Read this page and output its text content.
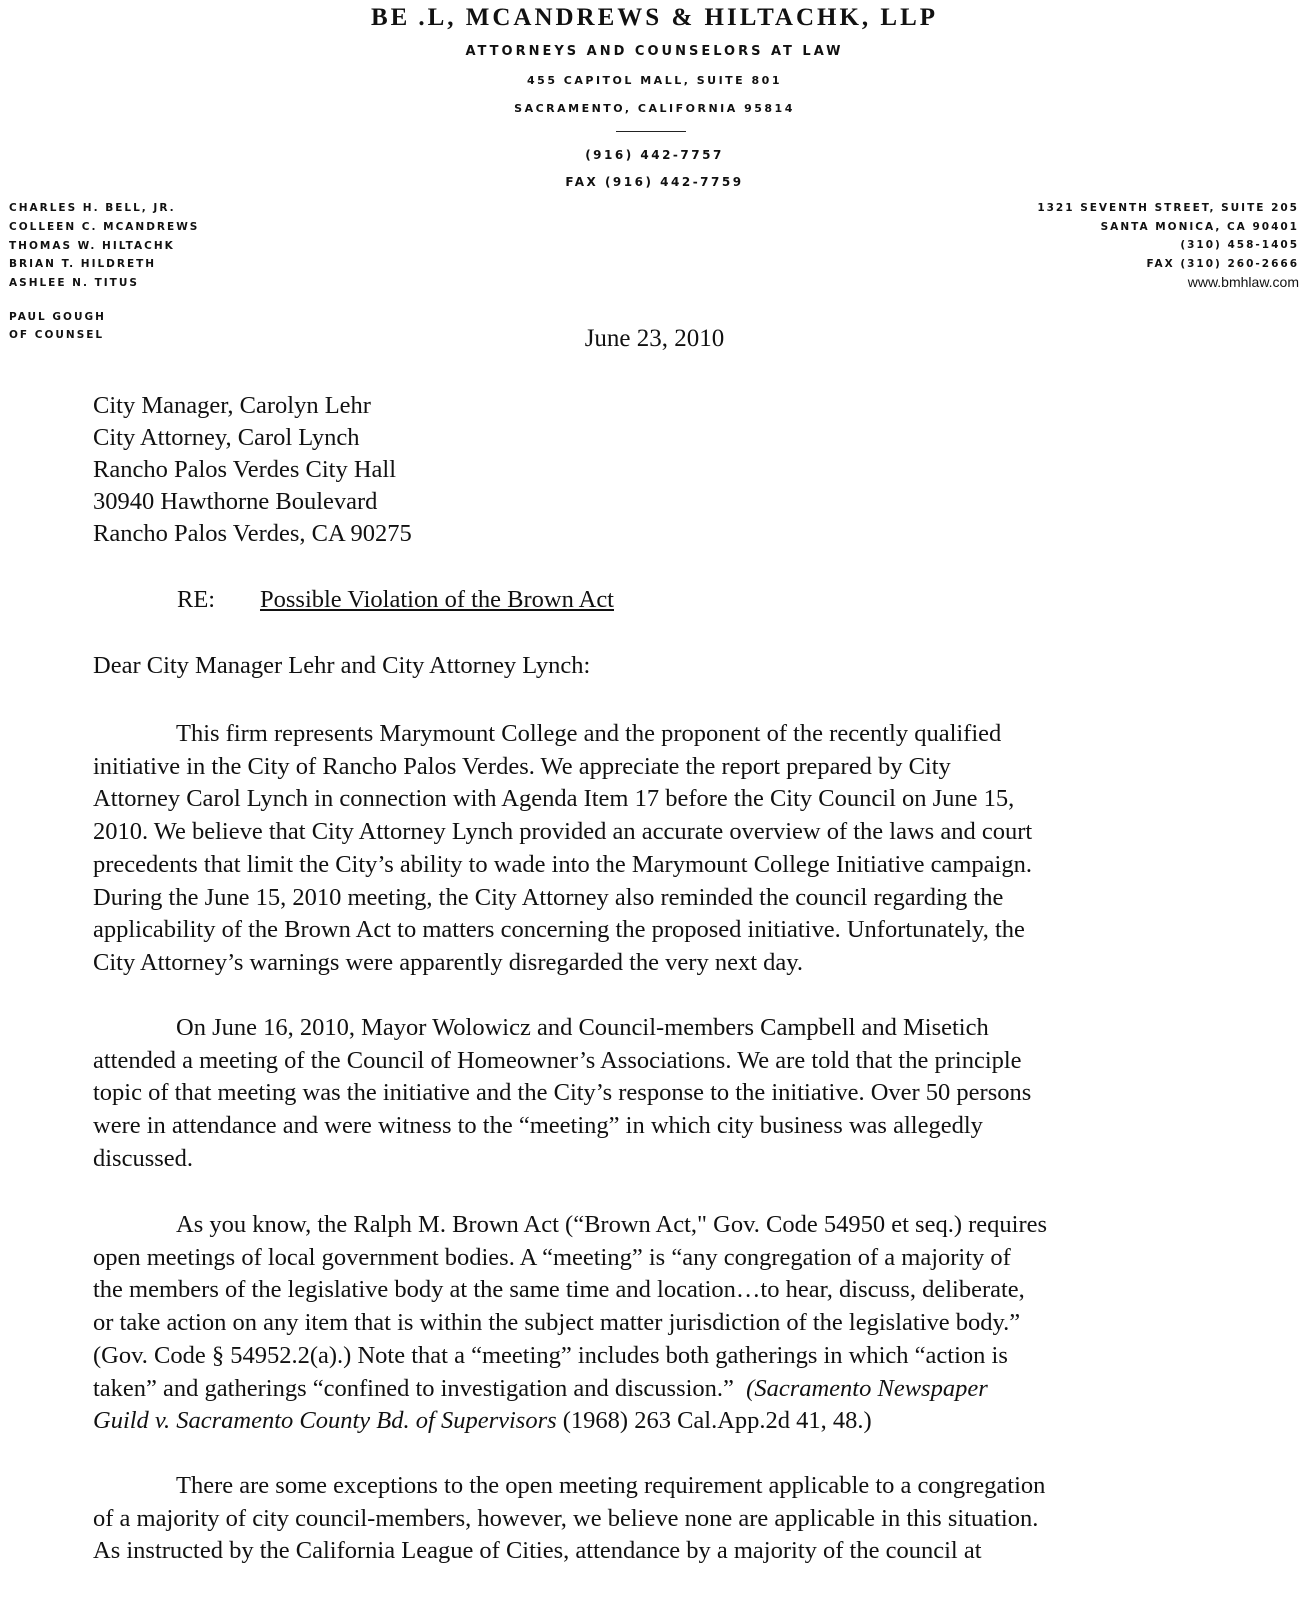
BE .L, MCANDREWS & HILTACHK, LLP
ATTORNEYS AND COUNSELORS AT LAW
455 CAPITOL MALL, SUITE 801
SACRAMENTO, CALIFORNIA 95814
(916) 442-7757
FAX (916) 442-7759
CHARLES H. BELL, JR.
COLLEEN C. MCANDREWS
THOMAS W. HILTACHK
BRIAN T. HILDRETH
ASHLEE N. TITUS
PAUL GOUGH
OF COUNSEL
1321 SEVENTH STREET, SUITE 205
SANTA MONICA, CA 90401
(310) 458-1405
FAX (310) 260-2666
www.bmhlaw.com
June 23, 2010
City Manager, Carolyn Lehr
City Attorney, Carol Lynch
Rancho Palos Verdes City Hall
30940 Hawthorne Boulevard
Rancho Palos Verdes, CA 90275
RE: Possible Violation of the Brown Act
Dear City Manager Lehr and City Attorney Lynch:
This firm represents Marymount College and the proponent of the recently qualified
initiative in the City of Rancho Palos Verdes. We appreciate the report prepared by City
Attorney Carol Lynch in connection with Agenda Item 17 before the City Council on June 15,
2010. We believe that City Attorney Lynch provided an accurate overview of the laws and court
precedents that limit the City’s ability to wade into the Marymount College Initiative campaign.
During the June 15, 2010 meeting, the City Attorney also reminded the council regarding the
applicability of the Brown Act to matters concerning the proposed initiative. Unfortunately, the
City Attorney’s warnings were apparently disregarded the very next day.
On June 16, 2010, Mayor Wolowicz and Council-members Campbell and Misetich
attended a meeting of the Council of Homeowner’s Associations. We are told that the principle
topic of that meeting was the initiative and the City’s response to the initiative. Over 50 persons
were in attendance and were witness to the “meeting” in which city business was allegedly
discussed.
As you know, the Ralph M. Brown Act (“Brown Act," Gov. Code 54950 et seq.) requires
open meetings of local government bodies. A “meeting” is “any congregation of a majority of
the members of the legislative body at the same time and location…to hear, discuss, deliberate,
or take action on any item that is within the subject matter jurisdiction of the legislative body.”
(Gov. Code § 54952.2(a).) Note that a “meeting” includes both gatherings in which “action is
taken” and gatherings “confined to investigation and discussion.” (Sacramento Newspaper
Guild v. Sacramento County Bd. of Supervisors (1968) 263 Cal.App.2d 41, 48.)
There are some exceptions to the open meeting requirement applicable to a congregation
of a majority of city council-members, however, we believe none are applicable in this situation.
As instructed by the California League of Cities, attendance by a majority of the council at
